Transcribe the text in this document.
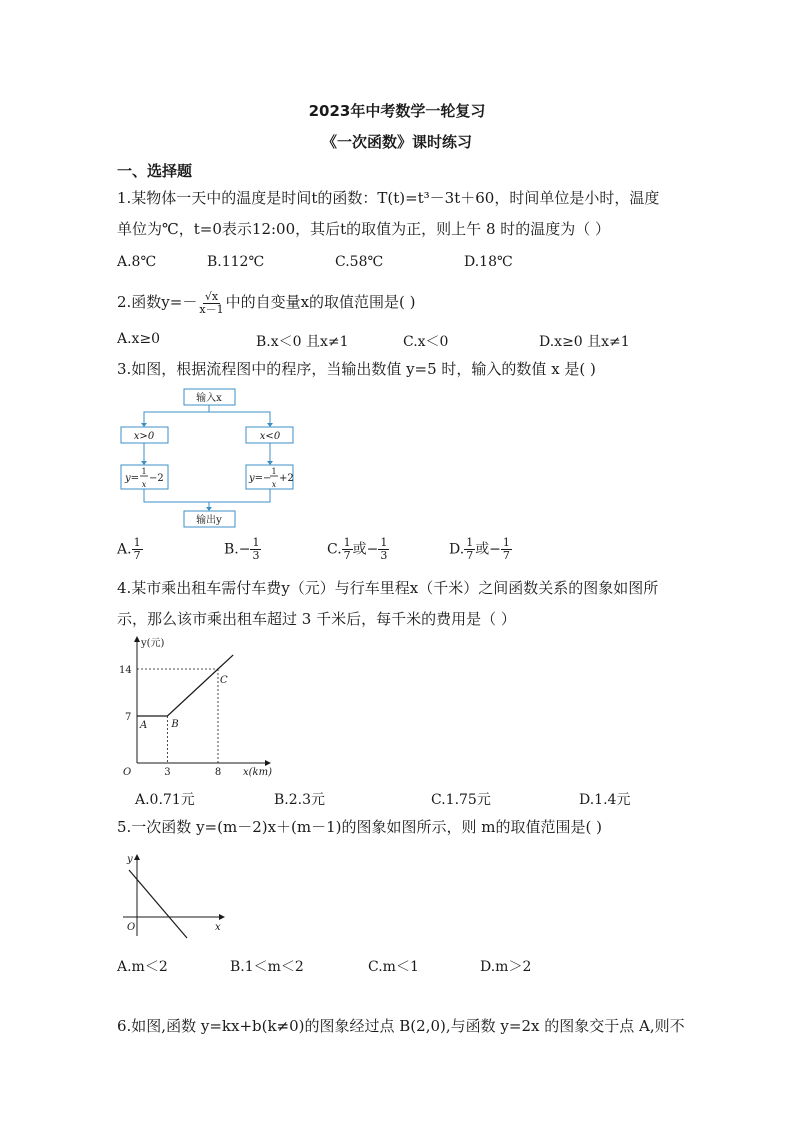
2023年中考数学一轮复习
《一次函数》课时练习
一、选择题
1.某物体一天中的温度是时间t的函数：T(t)=t³－3t＋60，时间单位是小时，温度
单位为℃，t=0表示12:00，其后t的取值为正，则上午 8 时的温度为（ ）
A.8℃	B.112℃	C.58℃	D.18℃
2.函数$y=- \frac{√x}{x-1}$ 中的自变量x的取值范围是( )
A.x≥0	B.x＜0 且x≠1	C.x＜0	D.x≥0 且x≠1
3.如图，根据流程图中的程序，当输出数值 y=5 时，输入的数值 x 是( )
输入x
x>0	x<0
输出y
y=
1
x
−2	y=−
1
x
+2
A. $\frac{1}{7}$	$B.- \frac{1}{3}$	C. $\frac{1}{7}$ 或− $\frac{1}{3}$	D. $\frac{1}{7}$ 或− $\frac{1}{7}$
4.某市乘出租车需付车费y（元）与行车里程x（千米）之间函数关系的图象如图所
示，那么该市乘出租车超过 3 千米后，每千米的费用是（ ）
y(元)
x(km)
O
14
7
3	8
A B
C
A.0.71元	B.2.3元	C.1.75元	D.1.4元
5.一次函数 y=(m－2)x＋(m－1)的图象如图所示，则 m的取值范围是( )
y
x
O
A.m＜2	B.1＜m＜2	C.m＜1	D.m＞2
6.如图,函数 y=kx+b(k≠0)的图象经过点 B(2,0),与函数 y=2x 的图象交于点 A,则不
